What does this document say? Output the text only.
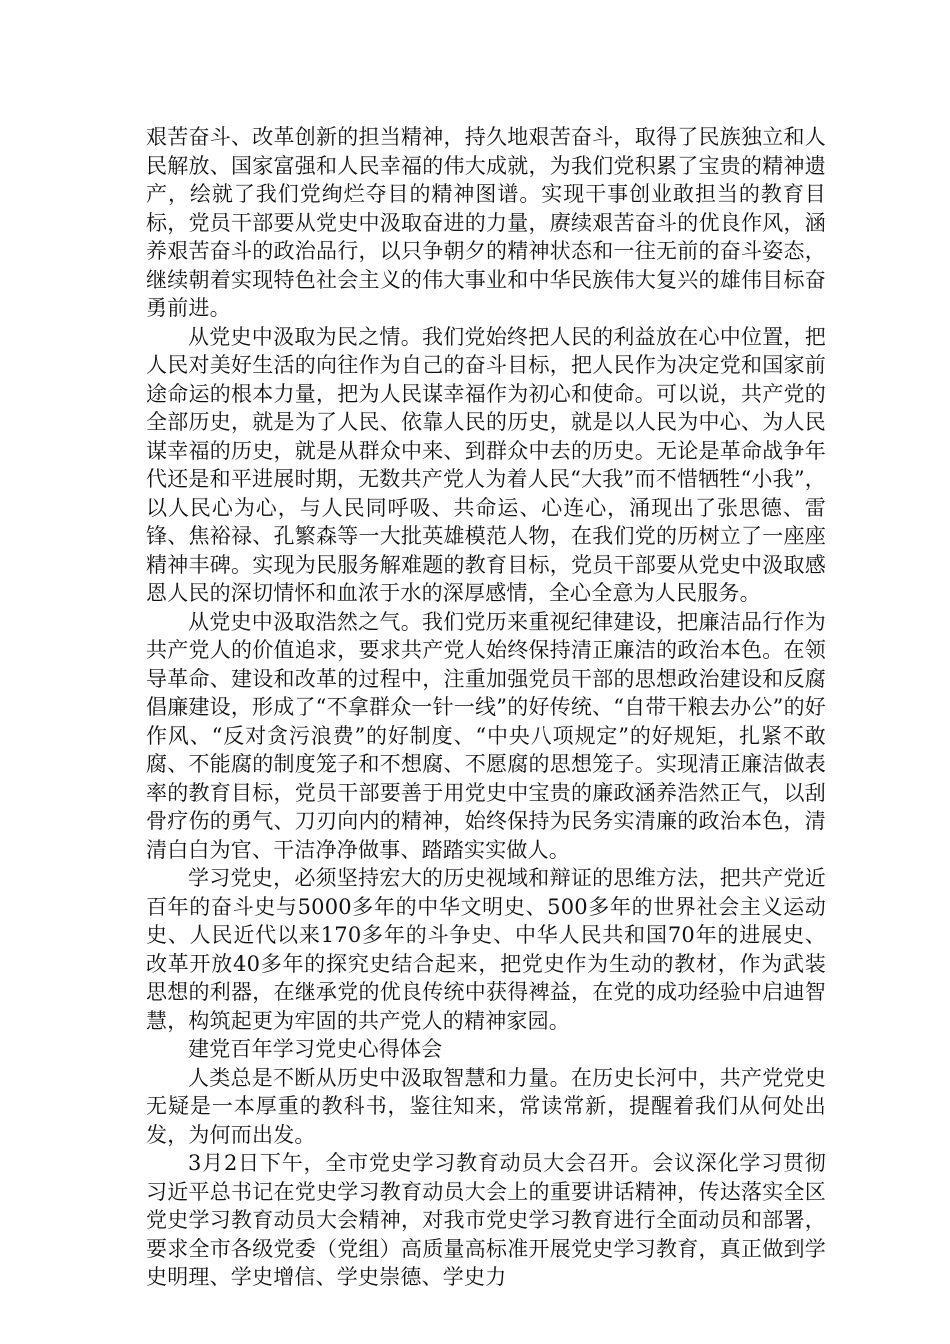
艰苦奋斗、改革创新的担当精神，持久地艰苦奋斗，取得了民族独立和人民解放、国家富强和人民幸福的伟大成就，为我们党积累了宝贵的精神遗产，绘就了我们党绚烂夺目的精神图谱。实现干事创业敢担当的教育目标，党员干部要从党史中汲取奋进的力量，赓续艰苦奋斗的优良作风，涵养艰苦奋斗的政治品行，以只争朝夕的精神状态和一往无前的奋斗姿态，继续朝着实现特色社会主义的伟大事业和中华民族伟大复兴的雄伟目标奋勇前进。

从党史中汲取为民之情。我们党始终把人民的利益放在心中位置，把人民对美好生活的向往作为自己的奋斗目标，把人民作为决定党和国家前途命运的根本力量，把为人民谋幸福作为初心和使命。可以说，共产党的全部历史，就是为了人民、依靠人民的历史，就是以人民为中心、为人民谋幸福的历史，就是从群众中来、到群众中去的历史。无论是革命战争年代还是和平进展时期，无数共产党人为着人民“大我”而不惜牺牲“小我”，以人民心为心，与人民同呼吸、共命运、心连心，涌现出了张思德、雷锋、焦裕禄、孔繁森等一大批英雄模范人物，在我们党的历树立了一座座精神丰碑。实现为民服务解难题的教育目标，党员干部要从党史中汲取感恩人民的深切情怀和血浓于水的深厚感情，全心全意为人民服务。

从党史中汲取浩然之气。我们党历来重视纪律建设，把廉洁品行作为共产党人的价值追求，要求共产党人始终保持清正廉洁的政治本色。在领导革命、建设和改革的过程中，注重加强党员干部的思想政治建设和反腐倡廉建设，形成了“不拿群众一针一线”的好传统、“自带干粮去办公”的好作风、“反对贪污浪费”的好制度、“中央八项规定”的好规矩，扎紧不敢腐、不能腐的制度笼子和不想腐、不愿腐的思想笼子。实现清正廉洁做表率的教育目标，党员干部要善于用党史中宝贵的廉政涵养浩然正气，以刮骨疗伤的勇气、刀刃向内的精神，始终保持为民务实清廉的政治本色，清清白白为官、干洁净净做事、踏踏实实做人。

学习党史，必须坚持宏大的历史视域和辩证的思维方法，把共产党近百年的奋斗史与5000多年的中华文明史、500多年的世界社会主义运动史、人民近代以来170多年的斗争史、中华人民共和国70年的进展史、改革开放40多年的探究史结合起来，把党史作为生动的教材，作为武装思想的利器，在继承党的优良传统中获得裨益，在党的成功经验中启迪智慧，构筑起更为牢固的共产党人的精神家园。

建党百年学习党史心得体会

人类总是不断从历史中汲取智慧和力量。在历史长河中，共产党党史无疑是一本厚重的教科书，鉴往知来，常读常新，提醒着我们从何处出发，为何而出发。

3月2日下午，全市党史学习教育动员大会召开。会议深化学习贯彻习近平总书记在党史学习教育动员大会上的重要讲话精神，传达落实全区党史学习教育动员大会精神，对我市党史学习教育进行全面动员和部署，要求全市各级党委（党组）高质量高标准开展党史学习教育，真正做到学史明理、学史增信、学史崇德、学史力
